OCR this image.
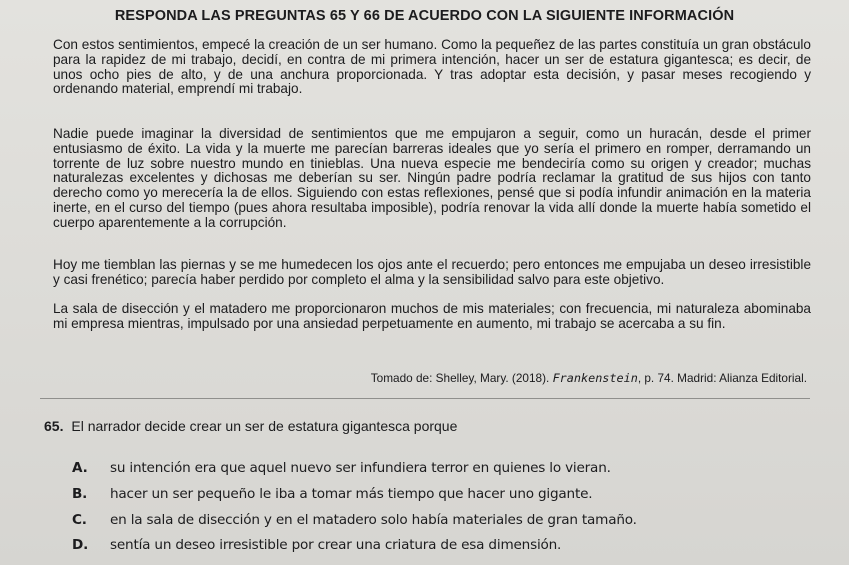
RESPONDA LAS PREGUNTAS 65 Y 66 DE ACUERDO CON LA SIGUIENTE INFORMACIÓN

Con estos sentimientos, empecé la creación de un ser humano. Como la pequeñez de las partes constituía un gran obstáculo para la rapidez de mi trabajo, decidí, en contra de mi primera intención, hacer un ser de estatura gigantesca; es decir, de unos ocho pies de alto, y de una anchura proporcionada. Y tras adoptar esta decisión, y pasar meses recogiendo y ordenando material, emprendí mi trabajo.

Nadie puede imaginar la diversidad de sentimientos que me empujaron a seguir, como un huracán, desde el primer entusiasmo de éxito. La vida y la muerte me parecían barreras ideales que yo sería el primero en romper, derramando un torrente de luz sobre nuestro mundo en tinieblas. Una nueva especie me bendeciría como su origen y creador; muchas naturalezas excelentes y dichosas me deberían su ser. Ningún padre podría reclamar la gratitud de sus hijos con tanto derecho como yo merecería la de ellos. Siguiendo con estas reflexiones, pensé que si podía infundir animación en la materia inerte, en el curso del tiempo (pues ahora resultaba imposible), podría renovar la vida allí donde la muerte había sometido el cuerpo aparentemente a la corrupción.

Hoy me tiemblan las piernas y se me humedecen los ojos ante el recuerdo; pero entonces me empujaba un deseo irresistible y casi frenético; parecía haber perdido por completo el alma y la sensibilidad salvo para este objetivo.

La sala de disección y el matadero me proporcionaron muchos de mis materiales; con frecuencia, mi naturaleza abominaba mi empresa mientras, impulsado por una ansiedad perpetuamente en aumento, mi trabajo se acercaba a su fin.

Tomado de: Shelley, Mary. (2018). Frankenstein, p. 74. Madrid: Alianza Editorial.
65. El narrador decide crear un ser de estatura gigantesca porque
A. su intención era que aquel nuevo ser infundiera terror en quienes lo vieran.
B. hacer un ser pequeño le iba a tomar más tiempo que hacer uno gigante.
C. en la sala de disección y en el matadero solo había materiales de gran tamaño.
D. sentía un deseo irresistible por crear una criatura de esa dimensión.
